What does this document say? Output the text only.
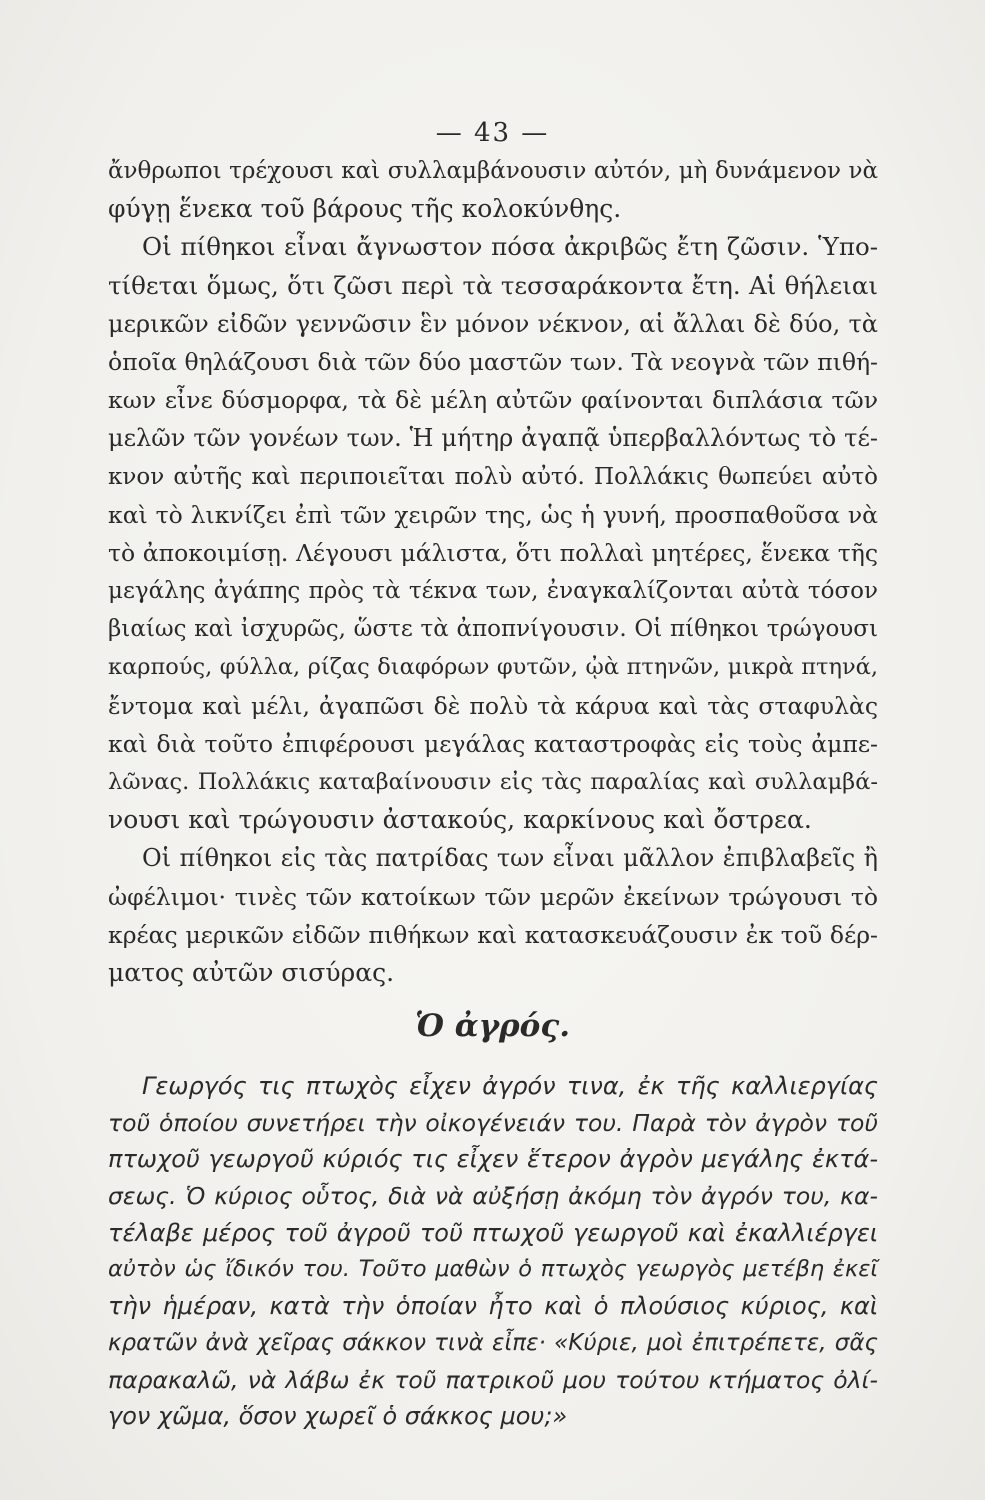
— 43 —
ἄνθρωποι τρέχουσι καὶ συλλαμβάνουσιν αὐτόν, μὴ δυνάμενον νὰ
φύγῃ ἕνεκα τοῦ βάρους τῆς κολοκύνθης.
Οἱ πίθηκοι εἶναι ἄγνωστον πόσα ἀκριβῶς ἔτη ζῶσιν. Ὑπο-
τίθεται ὅμως, ὅτι ζῶσι περὶ τὰ τεσσαράκοντα ἔτη. Αἱ θήλειαι
μερικῶν εἰδῶν γεννῶσιν ἓν μόνον νέκνον, αἱ ἄλλαι δὲ δύο, τὰ
ὁποῖα θηλάζουσι διὰ τῶν δύο μαστῶν των. Τὰ νεογνὰ τῶν πιθή-
κων εἶνε δύσμορφα, τὰ δὲ μέλη αὐτῶν φαίνονται διπλάσια τῶν
μελῶν τῶν γονέων των. Ἡ μήτηρ ἀγαπᾷ ὑπερβαλλόντως τὸ τέ-
κνον αὐτῆς καὶ περιποιεῖται πολὺ αὐτό. Πολλάκις θωπεύει αὐτὸ
καὶ τὸ λικνίζει ἐπὶ τῶν χειρῶν της, ὡς ἡ γυνή, προσπαθοῦσα νὰ
τὸ ἀποκοιμίσῃ. Λέγουσι μάλιστα, ὅτι πολλαὶ μητέρες, ἕνεκα τῆς
μεγάλης ἀγάπης πρὸς τὰ τέκνα των, ἐναγκαλίζονται αὐτὰ τόσον
βιαίως καὶ ἰσχυρῶς, ὥστε τὰ ἀποπνίγουσιν. Οἱ πίθηκοι τρώγουσι
καρπούς, φύλλα, ρίζας διαφόρων φυτῶν, ᾠὰ πτηνῶν, μικρὰ πτηνά,
ἔντομα καὶ μέλι, ἀγαπῶσι δὲ πολὺ τὰ κάρυα καὶ τὰς σταφυλὰς
καὶ διὰ τοῦτο ἐπιφέρουσι μεγάλας καταστροφὰς εἰς τοὺς ἀμπε-
λῶνας. Πολλάκις καταβαίνουσιν εἰς τὰς παραλίας καὶ συλλαμβά-
νουσι καὶ τρώγουσιν ἀστακούς, καρκίνους καὶ ὄστρεα.
Οἱ πίθηκοι εἰς τὰς πατρίδας των εἶναι μᾶλλον ἐπιβλαβεῖς ἢ
ὠφέλιμοι· τινὲς τῶν κατοίκων τῶν μερῶν ἐκείνων τρώγουσι τὸ
κρέας μερικῶν εἰδῶν πιθήκων καὶ κατασκευάζουσιν ἐκ τοῦ δέρ-
ματος αὐτῶν σισύρας.
Ὁ ἀγρός.
Γεωργός τις πτωχὸς εἶχεν ἀγρόν τινα, ἐκ τῆς καλλιεργίας
τοῦ ὁποίου συνετήρει τὴν οἰκογένειάν του. Παρὰ τὸν ἀγρὸν τοῦ
πτωχοῦ γεωργοῦ κύριός τις εἶχεν ἕτερον ἀγρὸν μεγάλης ἐκτά-
σεως. Ὁ κύριος οὗτος, διὰ νὰ αὐξήσῃ ἀκόμη τὸν ἀγρόν του, κα-
τέλαβε μέρος τοῦ ἀγροῦ τοῦ πτωχοῦ γεωργοῦ καὶ ἐκαλλιέργει
αὐτὸν ὡς ἴδικόν του. Τοῦτο μαθὼν ὁ πτωχὸς γεωργὸς μετέβη ἐκεῖ
τὴν ἡμέραν, κατὰ τὴν ὁποίαν ἦτο καὶ ὁ πλούσιος κύριος, καὶ
κρατῶν ἀνὰ χεῖρας σάκκον τινὰ εἶπε· «Κύριε, μοὶ ἐπιτρέπετε, σᾶς
παρακαλῶ, νὰ λάβω ἐκ τοῦ πατρικοῦ μου τούτου κτήματος ὀλί-
γον χῶμα, ὅσον χωρεῖ ὁ σάκκος μου;»
